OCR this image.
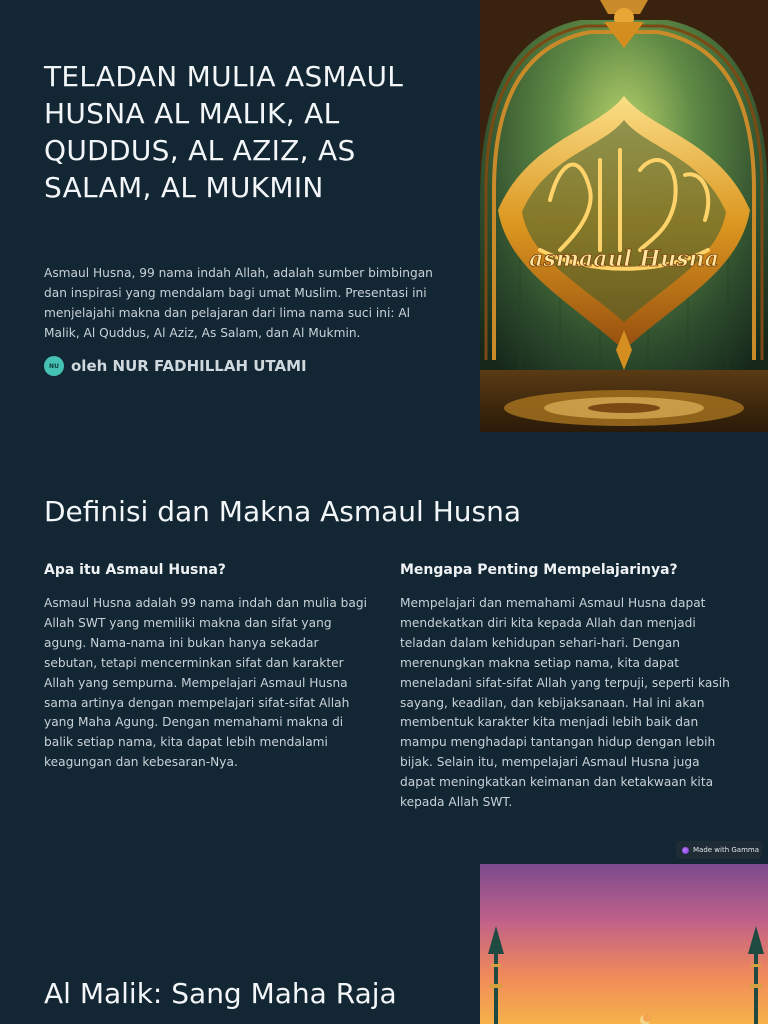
TELADAN MULIA ASMAUL HUSNA AL MALIK, AL QUDDUS, AL AZIZ, AS SALAM, AL MUKMIN

Asmaul Husna, 99 nama indah Allah, adalah sumber bimbingan dan inspirasi yang mendalam bagi umat Muslim. Presentasi ini menjelajahi makna dan pelajaran dari lima nama suci ini: Al Malik, Al Quddus, Al Aziz, As Salam, dan Al Mukmin.

NU oleh NUR FADHILLAH UTAMI
asmaaul Husna
Definisi dan Makna Asmaul Husna
Apa itu Asmaul Husna?

Asmaul Husna adalah 99 nama indah dan mulia bagi Allah SWT yang memiliki makna dan sifat yang agung. Nama-nama ini bukan hanya sekadar sebutan, tetapi mencerminkan sifat dan karakter Allah yang sempurna. Mempelajari Asmaul Husna sama artinya dengan mempelajari sifat-sifat Allah yang Maha Agung. Dengan memahami makna di balik setiap nama, kita dapat lebih mendalami keagungan dan kebesaran-Nya.

Mengapa Penting Mempelajarinya?

Mempelajari dan memahami Asmaul Husna dapat mendekatkan diri kita kepada Allah dan menjadi teladan dalam kehidupan sehari-hari. Dengan merenungkan makna setiap nama, kita dapat meneladani sifat-sifat Allah yang terpuji, seperti kasih sayang, keadilan, dan kebijaksanaan. Hal ini akan membentuk karakter kita menjadi lebih baik dan mampu menghadapi tantangan hidup dengan lebih bijak. Selain itu, mempelajari Asmaul Husna juga dapat meningkatkan keimanan dan ketakwaan kita kepada Allah SWT.

Made with Gamma
Al Malik: Sang Maha Raja
